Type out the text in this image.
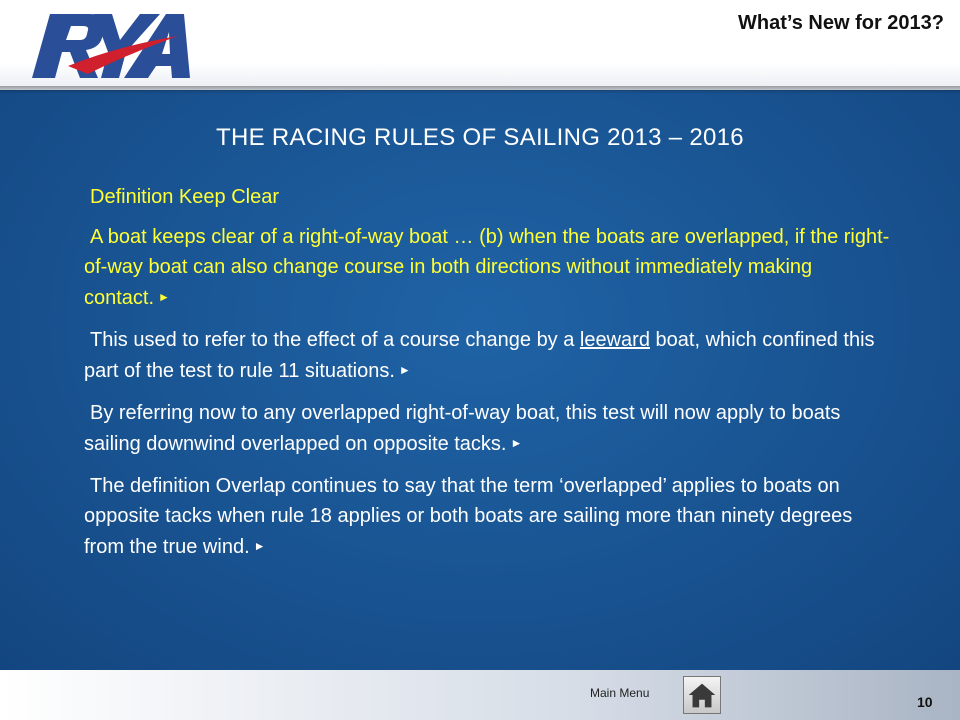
What’s New for 2013?
THE RACING RULES OF SAILING 2013 – 2016
Definition Keep Clear
A boat keeps clear of a right-of-way boat … (b) when the boats are overlapped, if the right-of-way boat can also change course in both directions without immediately making contact. ►
This used to refer to the effect of a course change by a leeward boat, which confined this part of the test to rule 11 situations. ►
By referring now to any overlapped right-of-way boat, this test will now apply to boats sailing downwind overlapped on opposite tacks. ►
The definition Overlap continues to say that the term ‘overlapped’ applies to boats on opposite tacks when rule 18 applies or both boats are sailing more than ninety degrees from the true wind. ►
Main Menu
10
